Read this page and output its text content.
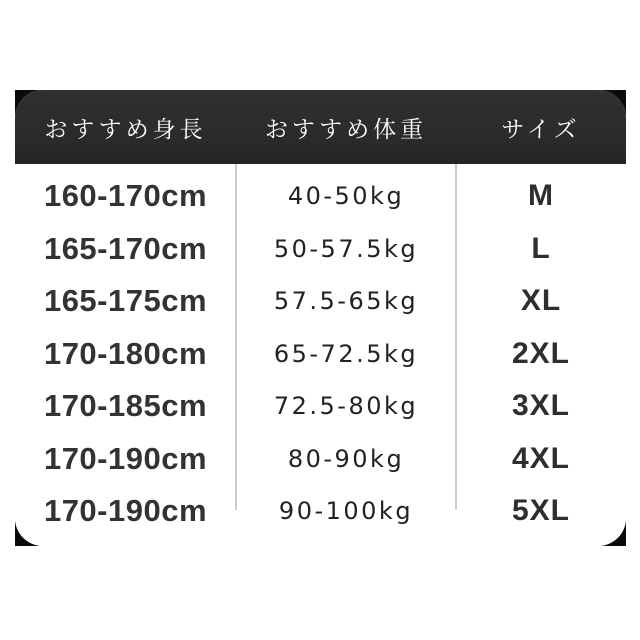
おすすめ身長	おすすめ体重	サイズ
160-170cm	40-50kg	M
165-170cm	50-57.5kg	L
165-175cm	57.5-65kg	XL
170-180cm	65-72.5kg	2XL
170-185cm	72.5-80kg	3XL
170-190cm	80-90kg	4XL
170-190cm	90-100kg	5XL
